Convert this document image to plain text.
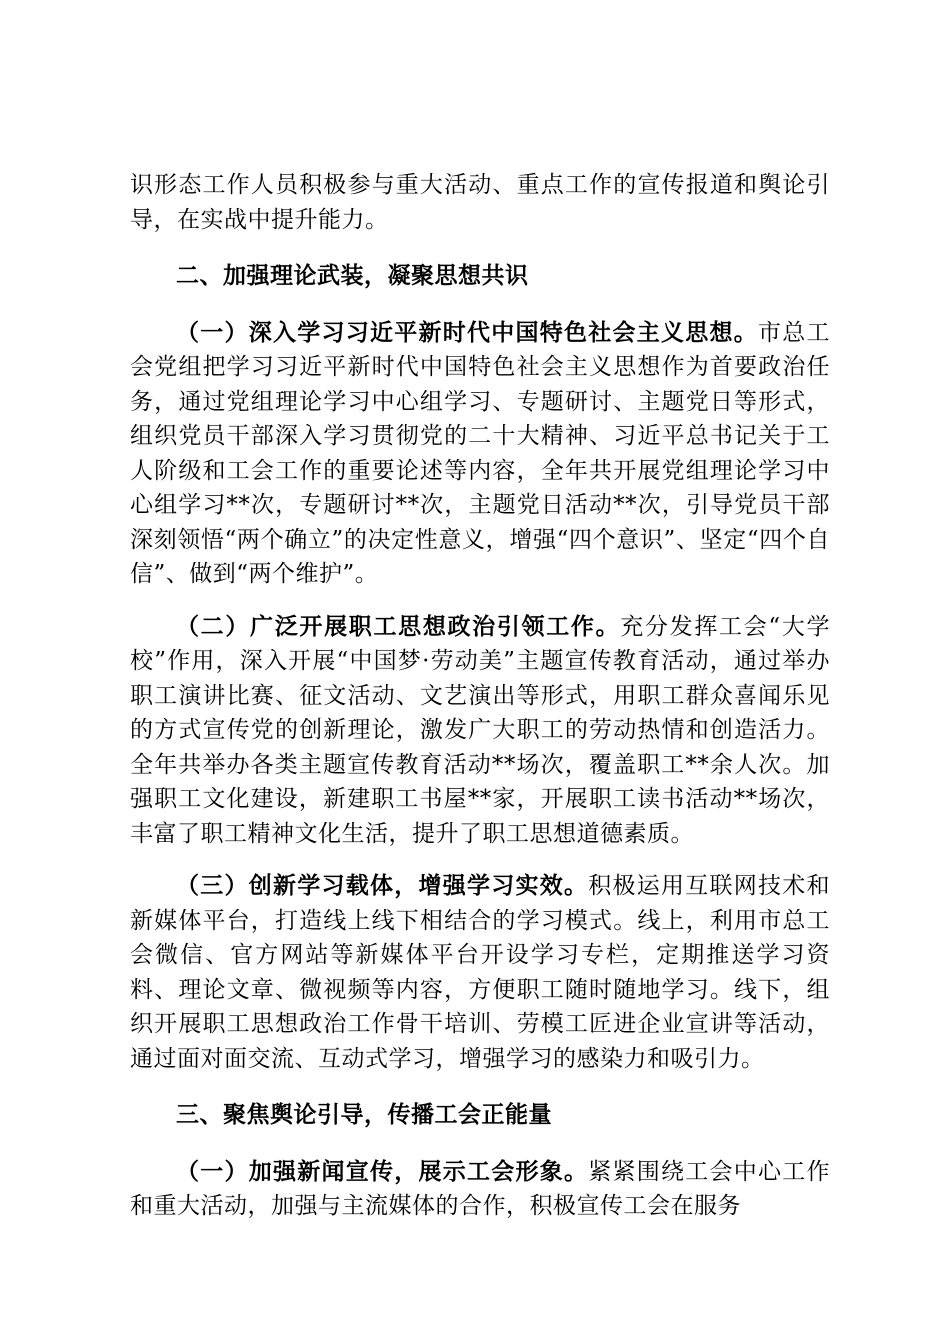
识形态工作人员积极参与重大活动、重点工作的宣传报道和舆论引导，在实战中提升能力。

二、加强理论武装，凝聚思想共识

（一）深入学习习近平新时代中国特色社会主义思想。市总工会党组把学习习近平新时代中国特色社会主义思想作为首要政治任务，通过党组理论学习中心组学习、专题研讨、主题党日等形式，组织党员干部深入学习贯彻党的二十大精神、习近平总书记关于工人阶级和工会工作的重要论述等内容，全年共开展党组理论学习中心组学习**次，专题研讨**次，主题党日活动**次，引导党员干部深刻领悟“两个确立”的决定性意义，增强“四个意识”、坚定“四个自信”、做到“两个维护”。

（二）广泛开展职工思想政治引领工作。充分发挥工会“大学校”作用，深入开展“中国梦·劳动美”主题宣传教育活动，通过举办职工演讲比赛、征文活动、文艺演出等形式，用职工群众喜闻乐见的方式宣传党的创新理论，激发广大职工的劳动热情和创造活力。全年共举办各类主题宣传教育活动**场次，覆盖职工**余人次。加强职工文化建设，新建职工书屋**家，开展职工读书活动**场次，丰富了职工精神文化生活，提升了职工思想道德素质。

（三）创新学习载体，增强学习实效。积极运用互联网技术和新媒体平台，打造线上线下相结合的学习模式。线上，利用市总工会微信、官方网站等新媒体平台开设学习专栏，定期推送学习资料、理论文章、微视频等内容，方便职工随时随地学习。线下，组织开展职工思想政治工作骨干培训、劳模工匠进企业宣讲等活动，通过面对面交流、互动式学习，增强学习的感染力和吸引力。

三、聚焦舆论引导，传播工会正能量

（一）加强新闻宣传，展示工会形象。紧紧围绕工会中心工作和重大活动，加强与主流媒体的合作，积极宣传工会在服务
